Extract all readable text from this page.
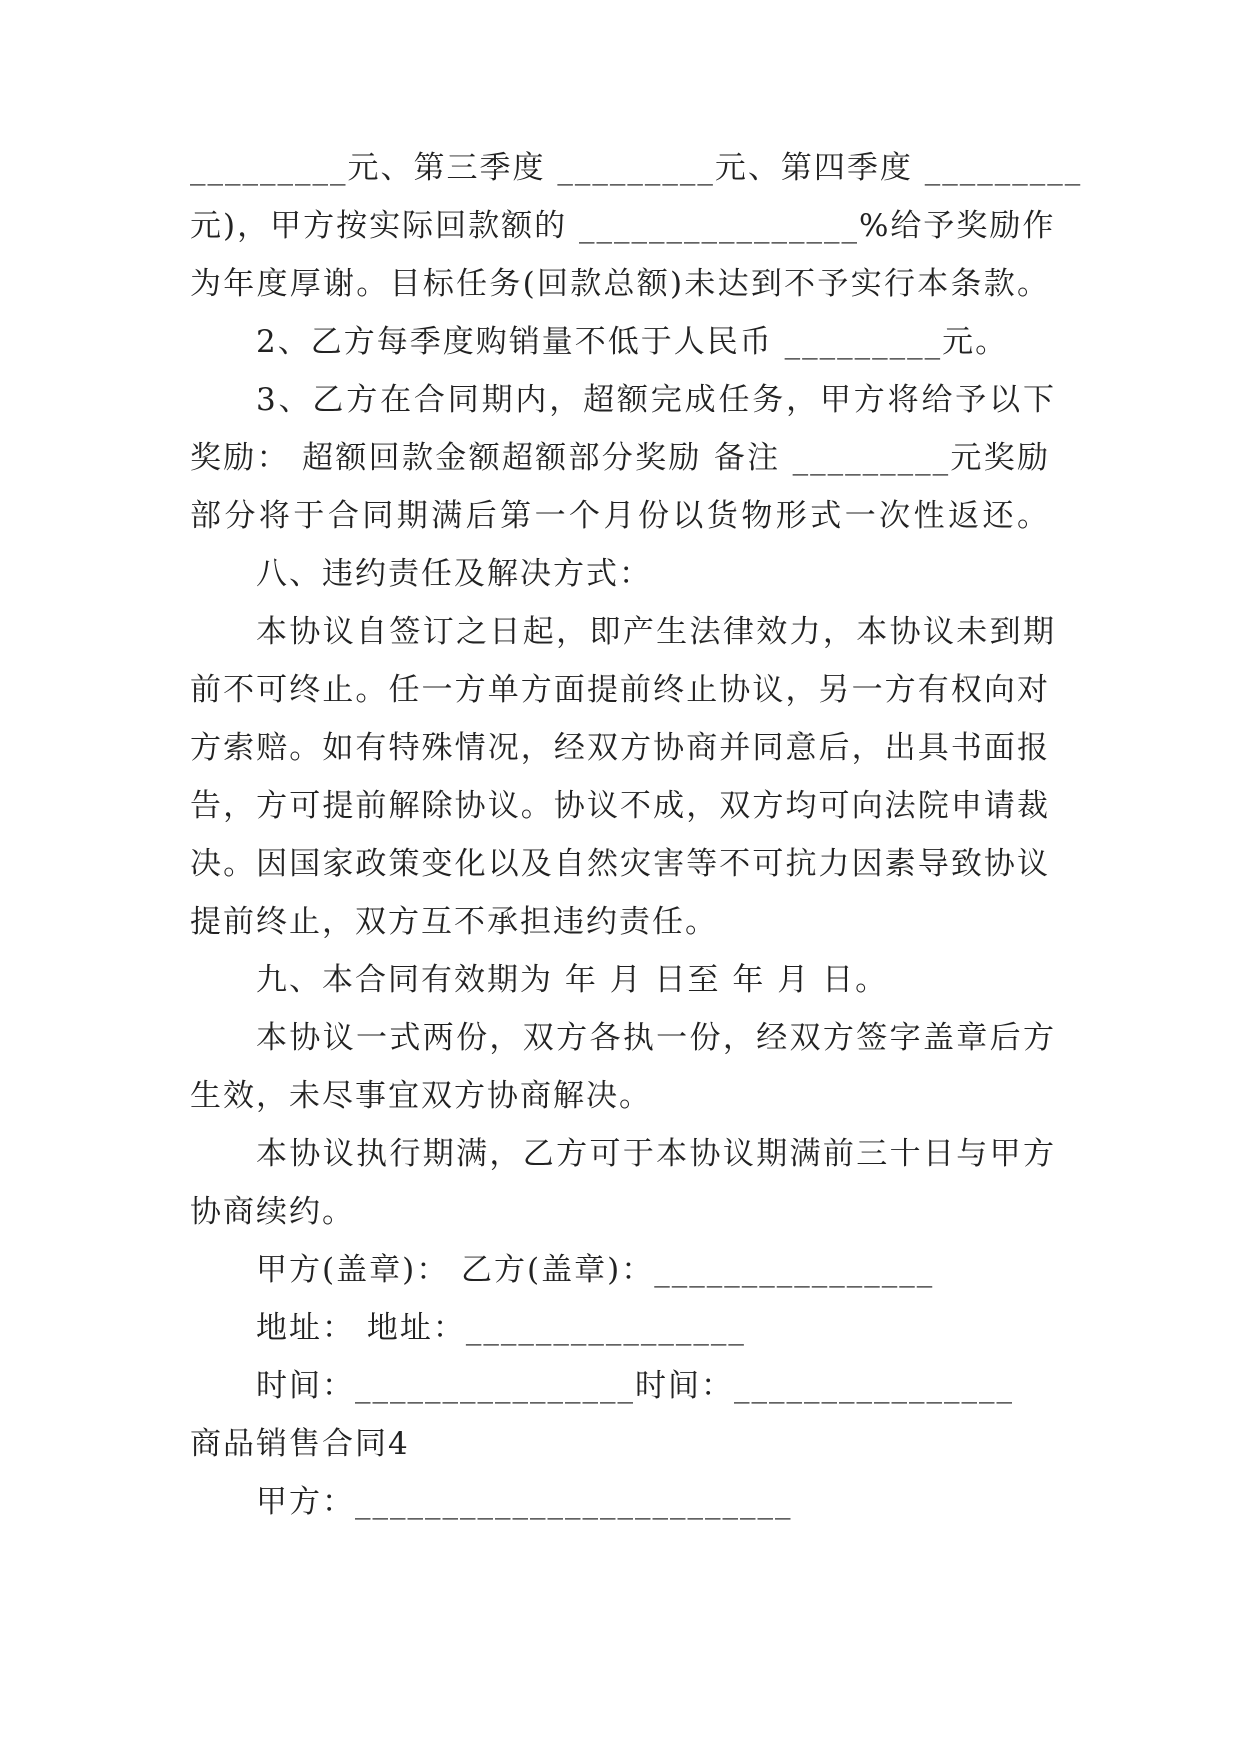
_________元、第三季度 _________元、第四季度 _________
元)，甲方按实际回款额的 ________________%给予奖励作
为年度厚谢。目标任务(回款总额)未达到不予实行本条款。
2、乙方每季度购销量不低于人民币 _________元。
3、乙方在合同期内，超额完成任务，甲方将给予以下
奖励： 超额回款金额超额部分奖励 备注 _________元奖励
部分将于合同期满后第一个月份以货物形式一次性返还。
八、违约责任及解决方式：
本协议自签订之日起，即产生法律效力，本协议未到期
前不可终止。任一方单方面提前终止协议，另一方有权向对
方索赔。如有特殊情况，经双方协商并同意后，出具书面报
告，方可提前解除协议。协议不成，双方均可向法院申请裁
决。因国家政策变化以及自然灾害等不可抗力因素导致协议
提前终止，双方互不承担违约责任。
九、本合同有效期为 年 月 日至 年 月 日。
本协议一式两份，双方各执一份，经双方签字盖章后方
生效，未尽事宜双方协商解决。
本协议执行期满，乙方可于本协议期满前三十日与甲方
协商续约。
甲方(盖章)： 乙方(盖章)：________________
地址： 地址：________________
时间：________________时间：________________
商品销售合同4
甲方：_________________________
